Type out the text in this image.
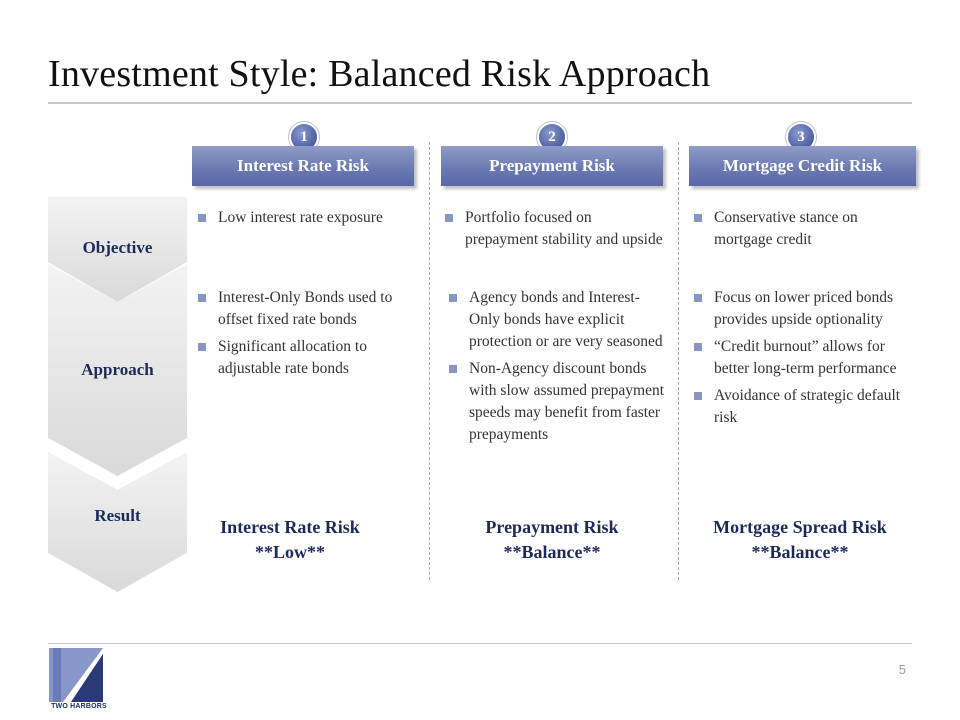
Investment Style: Balanced Risk Approach
Objective
Approach
Result
1
Interest Rate Risk
Low interest rate exposure
Interest-Only Bonds used to offset fixed rate bonds
Significant allocation to adjustable rate bonds
Interest Rate Risk
**Low**
2
Prepayment Risk
Portfolio focused on prepayment stability and upside
Agency bonds and Interest-Only bonds have explicit protection or are very seasoned
Non-Agency discount bonds with slow assumed prepayment speeds may benefit from faster prepayments
Prepayment Risk
**Balance**
3
Mortgage Credit Risk
Conservative stance on mortgage credit
Focus on lower priced bonds provides upside optionality
“Credit burnout” allows for better long-term performance
Avoidance of strategic default risk
Mortgage Spread Risk
**Balance**
TWO HARBORS
5
